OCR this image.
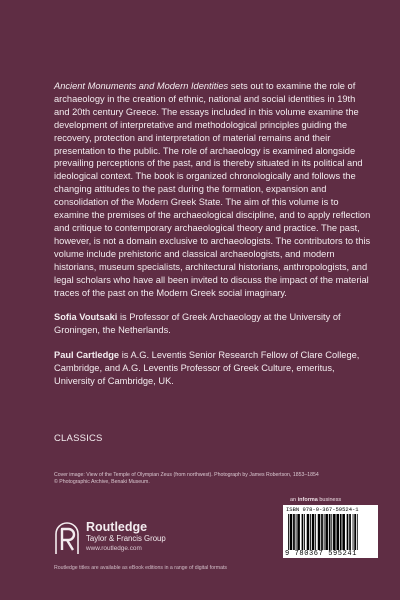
Ancient Monuments and Modern Identities sets out to examine the role of archaeology in the creation of ethnic, national and social identities in 19th and 20th century Greece. The essays included in this volume examine the development of interpretative and methodological principles guiding the recovery, protection and interpretation of material remains and their presentation to the public. The role of archaeology is examined alongside prevailing perceptions of the past, and is thereby situated in its political and ideological context. The book is organized chronologically and follows the changing attitudes to the past during the formation, expansion and consolidation of the Modern Greek State. The aim of this volume is to examine the premises of the archaeological discipline, and to apply reflection and critique to contemporary archaeological theory and practice. The past, however, is not a domain exclusive to archaeologists. The contributors to this volume include prehistoric and classical archaeologists, and modern historians, museum specialists, architectural historians, anthropologists, and legal scholars who have all been invited to discuss the impact of the material traces of the past on the Modern Greek social imaginary.

Sofia Voutsaki is Professor of Greek Archaeology at the University of Groningen, the Netherlands.

Paul Cartledge is A.G. Leventis Senior Research Fellow of Clare College, Cambridge, and A.G. Leventis Professor of Greek Culture, emeritus, University of Cambridge, UK.

CLASSICS
Cover image: View of the Temple of Olympian Zeus (from northwest). Photograph by James Robertson, 1853–1854 © Photographic Archive, Benaki Museum.
Routledge
Taylor & Francis Group
www.routledge.com
Routledge titles are available as eBook editions in a range of digital formats
an informa business
ISBN 978-0-367-59524-1
9 780367 595241
